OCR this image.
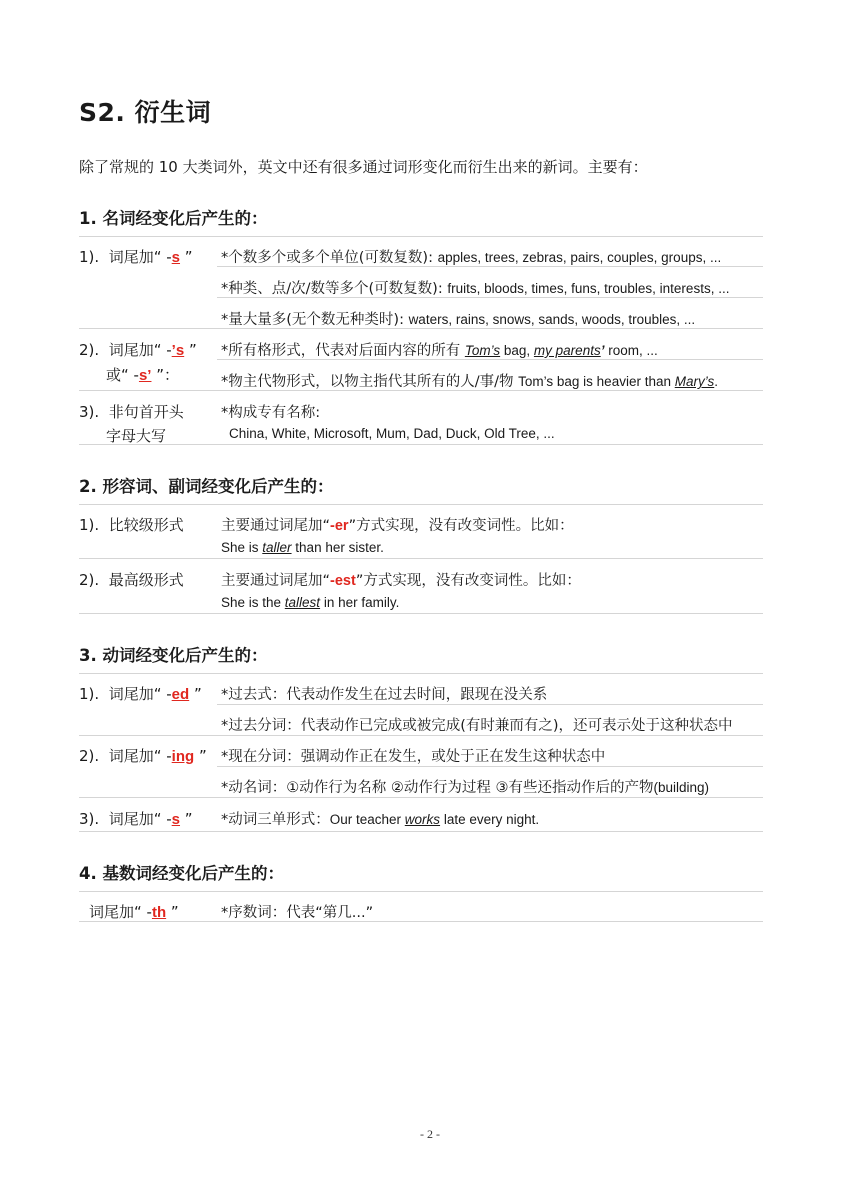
S2. 衍生词
除了常规的 10 大类词外，英文中还有很多通过词形变化而衍生出来的新词。主要有：
1. 名词经变化后产生的：
1). 词尾加“ -s ” *个数多个或多个单位(可数复数): apples, trees, zebras, pairs, couples, groups, ...
*种类、点/次/数等多个(可数复数): fruits, bloods, times, funs, troubles, interests, ...
*量大量多(无个数无种类时): waters, rains, snows, sands, woods, troubles, ...
2). 词尾加“ -’s ”
或“ -s’ ”：
*所有格形式，代表对后面内容的所有 Tom’s bag, my parents’ room, ...
*物主代物形式，以物主指代其所有的人/事/物 Tom’s bag is heavier than Mary’s.
3). 非句首开头
字母大写
*构成专有名称:
China, White, Microsoft, Mum, Dad, Duck, Old Tree, ...
2. 形容词、副词经变化后产生的：
1). 比较级形式	主要通过词尾加“-er”方式实现，没有改变词性。比如：
She is taller than her sister.
2). 最高级形式	主要通过词尾加“-est”方式实现，没有改变词性。比如：
She is the tallest in her family.
3. 动词经变化后产生的：
1). 词尾加“ -ed ” *过去式：代表动作发生在过去时间，跟现在没关系
*过去分词：代表动作已完成或被完成(有时兼而有之)，还可表示处于这种状态中
2). 词尾加“ -ing ” *现在分词：强调动作正在发生，或处于正在发生这种状态中
*动名词：①动作行为名称 ②动作行为过程 ③有些还指动作后的产物(building)
3). 词尾加“ -s ” *动词三单形式：Our teacher works late every night.
4. 基数词经变化后产生的：
词尾加“ -th ”	*序数词：代表“第几...”
- 2 -
